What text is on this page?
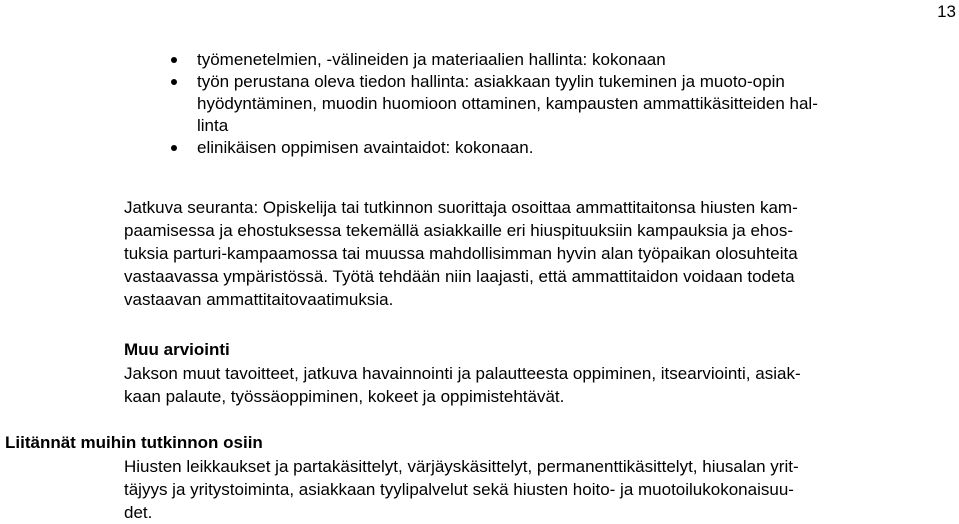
13
työmenetelmien, -välineiden ja materiaalien hallinta: kokonaan
työn perustana oleva tiedon hallinta: asiakkaan tyylin tukeminen ja muoto-opin
hyödyntäminen, muodin huomioon ottaminen, kampausten ammattikäsitteiden hal-
linta
elinikäisen oppimisen avaintaidot: kokonaan.
Jatkuva seuranta: Opiskelija tai tutkinnon suorittaja osoittaa ammattitaitonsa hiusten kam-
paamisessa ja ehostuksessa tekemällä asiakkaille eri hiuspituuksiin kampauksia ja ehos-
tuksia parturi-kampaamossa tai muussa mahdollisimman hyvin alan työpaikan olosuhteita
vastaavassa ympäristössä. Työtä tehdään niin laajasti, että ammattitaidon voidaan todeta
vastaavan ammattitaitovaatimuksia.
Muu arviointi
Jakson muut tavoitteet, jatkuva havainnointi ja palautteesta oppiminen, itsearviointi, asiak-
kaan palaute, työssäoppiminen, kokeet ja oppimistehtävät.
Liitännät muihin tutkinnon osiin
Hiusten leikkaukset ja partakäsittelyt, värjäyskäsittelyt, permanenttikäsittelyt, hiusalan yrit-
täjyys ja yritystoiminta, asiakkaan tyylipalvelut sekä hiusten hoito- ja muotoilukokonaisuu-
det.
